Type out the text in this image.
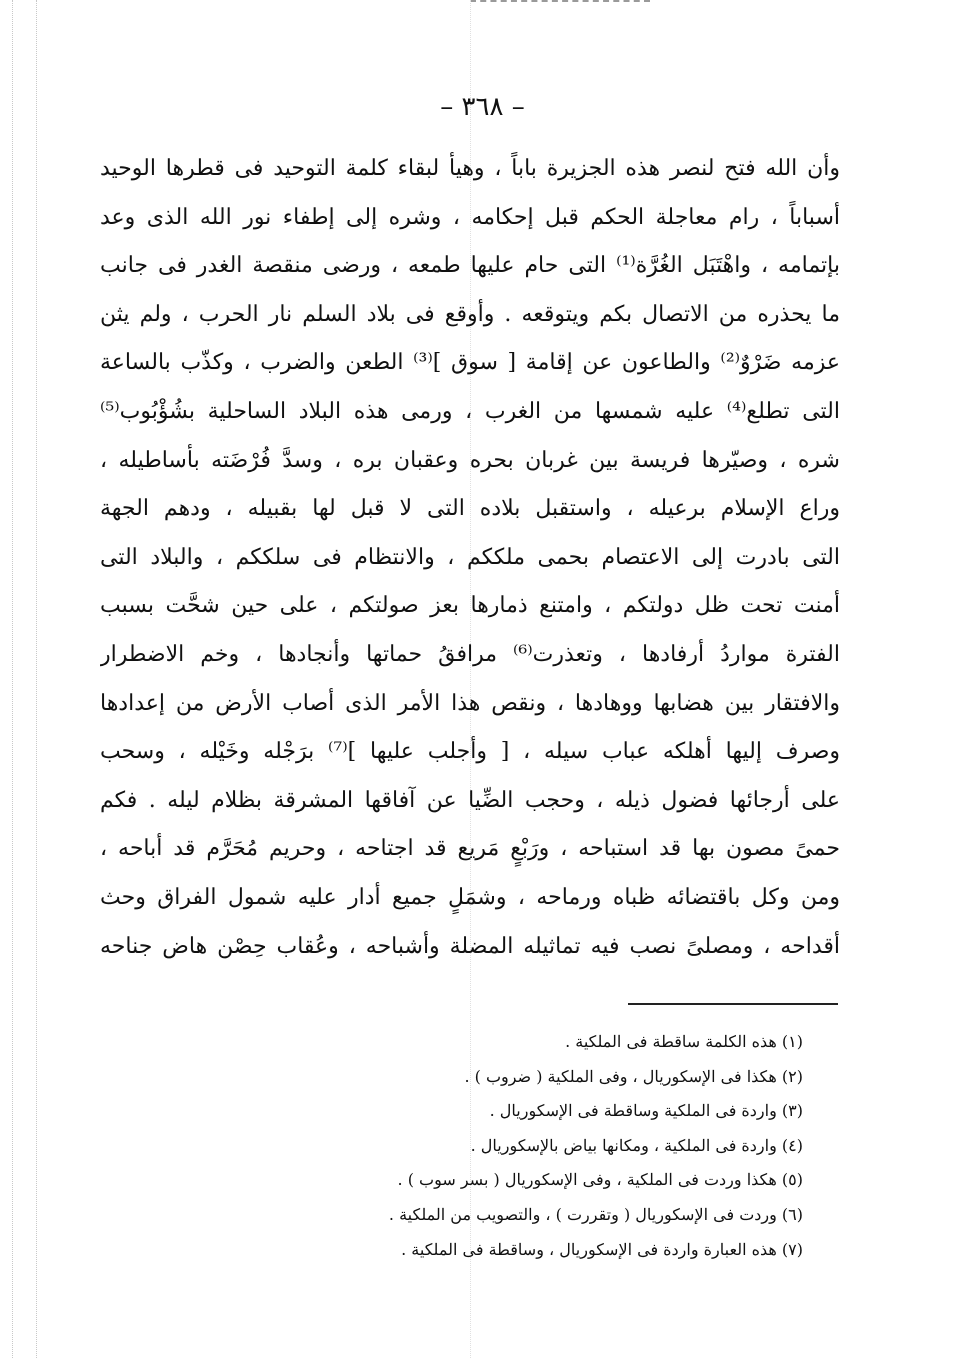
– ٣٦٨ –
وأن الله فتح لنصر هذه الجزيرة باباً ، وهيأ لبقاء كلمة التوحيد فى قطرها الوحيد
أسباباً ، رام معاجلة الحكم قبل إحكامه ، وشره إلى إطفاء نور الله الذى وعد
بإتمامه ، واهْتَبَل الغُرَّة⁽¹⁾ التى حام عليها طمعه ، ورضى منقصة الغدر فى جانب
ما يحذره من الاتصال بكم ويتوقعه . وأوقع فى بلاد السلم نار الحرب ، ولم يثن
عزمه ضَرْوٌ⁽²⁾ والطاعون عن إقامة [ سوق ]⁽³⁾ الطعن والضرب ، وكذّب بالساعة
التى تطلع⁽⁴⁾ عليه شمسها من الغرب ، ورمى هذه البلاد الساحلية بشُؤْبُوب⁽⁵⁾
شره ، وصيّرها فريسة بين غربان بحره وعقبان بره ، وسدَّ فُرْضَته بأساطيله ،
وراع الإسلام برعيله ، واستقبل بلاده التى لا قبل لها بقبيله ، ودهم الجهة
التى بادرت إلى الاعتصام بحمى ملككم ، والانتظام فى سلككم ، والبلاد التى
أمنت تحت ظل دولتكم ، وامتنع ذمارها بعز صولتكم ، على حين شحَّت بسبب
الفترة مواردُ أرفادها ، وتعذرت⁽⁶⁾ مرافقُ حماتها وأنجادها ، وخم الاضطرار
والافتقار بين هضابها ووهادها ، ونقص هذا الأمر الذى أصاب الأرض من إعدادها
وصرف إليها أهلكه عباب سيله ، [ وأجلب عليها ]⁽⁷⁾ برَجْله وخَيْله ، وسحب
على أرجائها فضول ذيله ، وحجب الضِّيا عن آفاقها المشرقة بظلام ليله . فكم
حمىً مصون بها قد استباحه ، ورَبْعٍ مَريع قد اجتاحه ، وحريم مُحَرَّم قد أباحه ،
ومن وكل باقتضائه ظباه ورماحه ، وشمَلٍ جميع أدار عليه شمول الفراق وحث
أقداحه ، ومصلىً نصب فيه تماثيله المضلة وأشباحه ، وعُقاب حِصْن هاض جناحه
(١) هذه الكلمة ساقطة فى الملكية .
(٢) هكذا فى الإسكوريال ، وفى الملكية ( ضروب ) .
(٣) واردة فى الملكية وساقطة فى الإسكوريال .
(٤) واردة فى الملكية ، ومكانها بياض بالإسكوريال .
(٥) هكذا وردت فى الملكية ، وفى الإسكوريال ( بسر سوب ) .
(٦) وردت فى الإسكوريال ( وتقررت ) ، والتصويب من الملكية .
(٧) هذه العبارة واردة فى الإسكوريال ، وساقطة فى الملكية .
